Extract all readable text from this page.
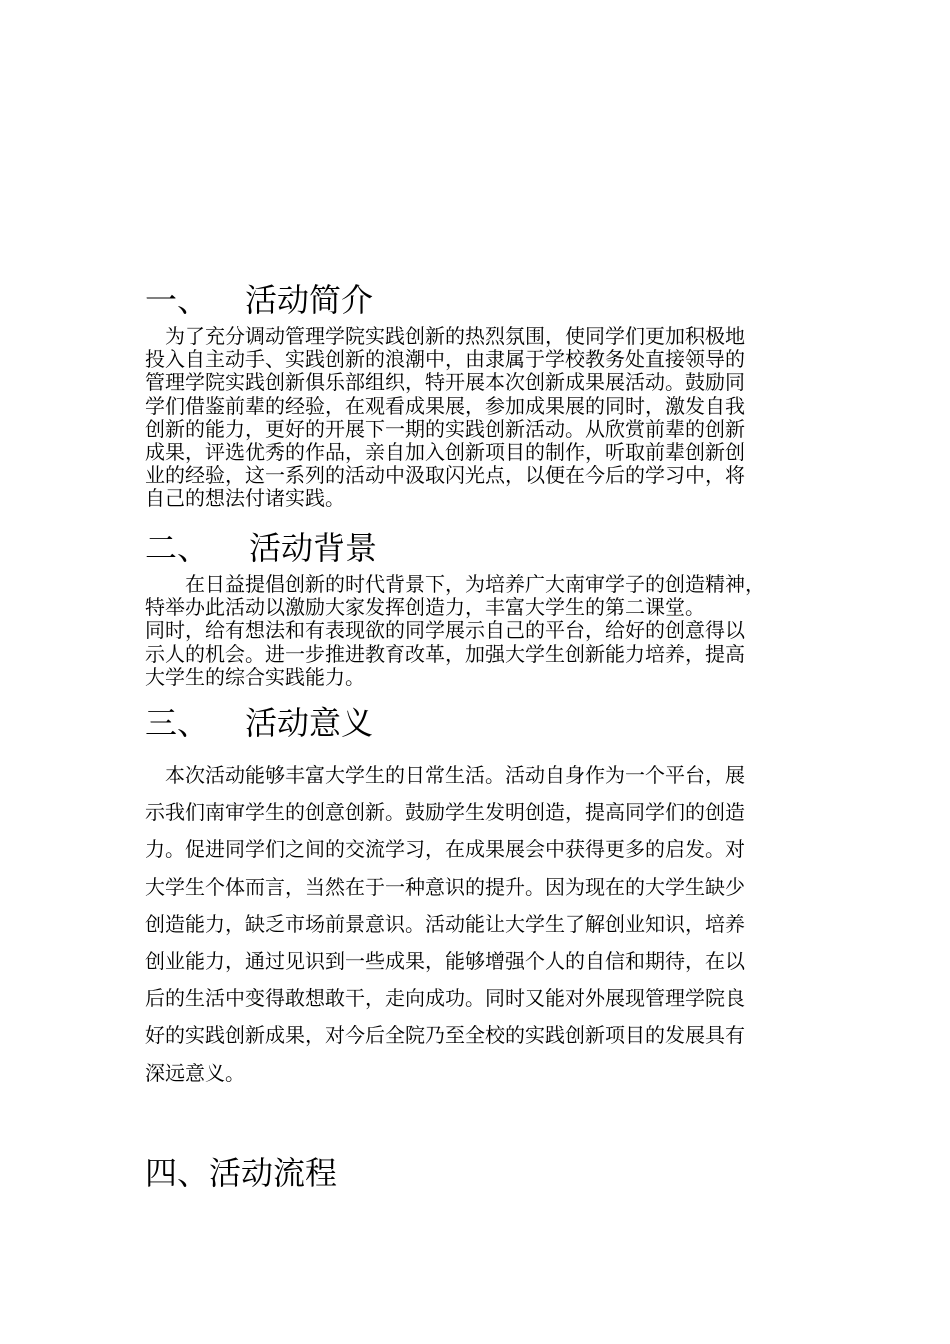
一、 活动简介
　为了充分调动管理学院实践创新的热烈氛围，使同学们更加积极地
投入自主动手、实践创新的浪潮中，由隶属于学校教务处直接领导的
管理学院实践创新俱乐部组织，特开展本次创新成果展活动。鼓励同
学们借鉴前辈的经验，在观看成果展，参加成果展的同时，激发自我
创新的能力，更好的开展下一期的实践创新活动。从欣赏前辈的创新
成果，评选优秀的作品，亲自加入创新项目的制作，听取前辈创新创
业的经验，这一系列的活动中汲取闪光点，以便在今后的学习中，将
自己的想法付诸实践。
二、 活动背景
　　在日益提倡创新的时代背景下，为培养广大南审学子的创造精神，
特举办此活动以激励大家发挥创造力，丰富大学生的第二课堂。
同时，给有想法和有表现欲的同学展示自己的平台，给好的创意得以
示人的机会。进一步推进教育改革，加强大学生创新能力培养，提高
大学生的综合实践能力。
三、 活动意义
　本次活动能够丰富大学生的日常生活。活动自身作为一个平台，展
示我们南审学生的创意创新。鼓励学生发明创造，提高同学们的创造
力。促进同学们之间的交流学习，在成果展会中获得更多的启发。对
大学生个体而言，当然在于一种意识的提升。因为现在的大学生缺少
创造能力，缺乏市场前景意识。活动能让大学生了解创业知识，培养
创业能力，通过见识到一些成果，能够增强个人的自信和期待，在以
后的生活中变得敢想敢干，走向成功。同时又能对外展现管理学院良
好的实践创新成果，对今后全院乃至全校的实践创新项目的发展具有
深远意义。
四、活动流程
